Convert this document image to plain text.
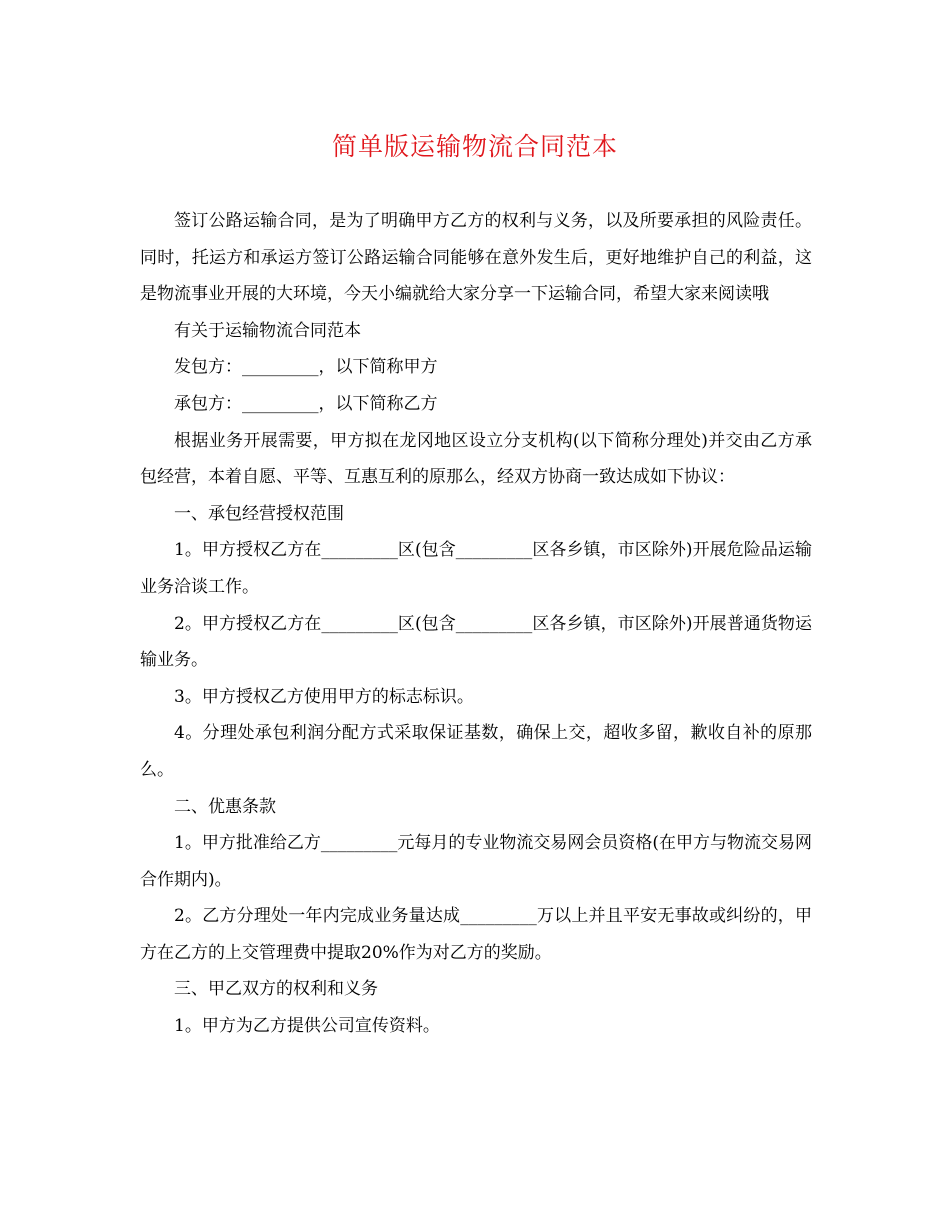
简单版运输物流合同范本

签订公路运输合同，是为了明确甲方乙方的权利与义务，以及所要承担的风险责任。同时，托运方和承运方签订公路运输合同能够在意外发生后，更好地维护自己的利益，这是物流事业开展的大环境，今天小编就给大家分享一下运输合同，希望大家来阅读哦

有关于运输物流合同范本

发包方：_________，以下简称甲方

承包方：_________，以下简称乙方

根据业务开展需要，甲方拟在龙冈地区设立分支机构(以下简称分理处)并交由乙方承包经营，本着自愿、平等、互惠互利的原那么，经双方协商一致达成如下协议：

一、承包经营授权范围

1。甲方授权乙方在_________区(包含_________区各乡镇，市区除外)开展危险品运输业务洽谈工作。

2。甲方授权乙方在_________区(包含_________区各乡镇，市区除外)开展普通货物运输业务。

3。甲方授权乙方使用甲方的标志标识。

4。分理处承包利润分配方式采取保证基数，确保上交，超收多留，歉收自补的原那么。

二、优惠条款

1。甲方批准给乙方_________元每月的专业物流交易网会员资格(在甲方与物流交易网合作期内)。

2。乙方分理处一年内完成业务量达成_________万以上并且平安无事故或纠纷的，甲方在乙方的上交管理费中提取20%作为对乙方的奖励。

三、甲乙双方的权利和义务

1。甲方为乙方提供公司宣传资料。
